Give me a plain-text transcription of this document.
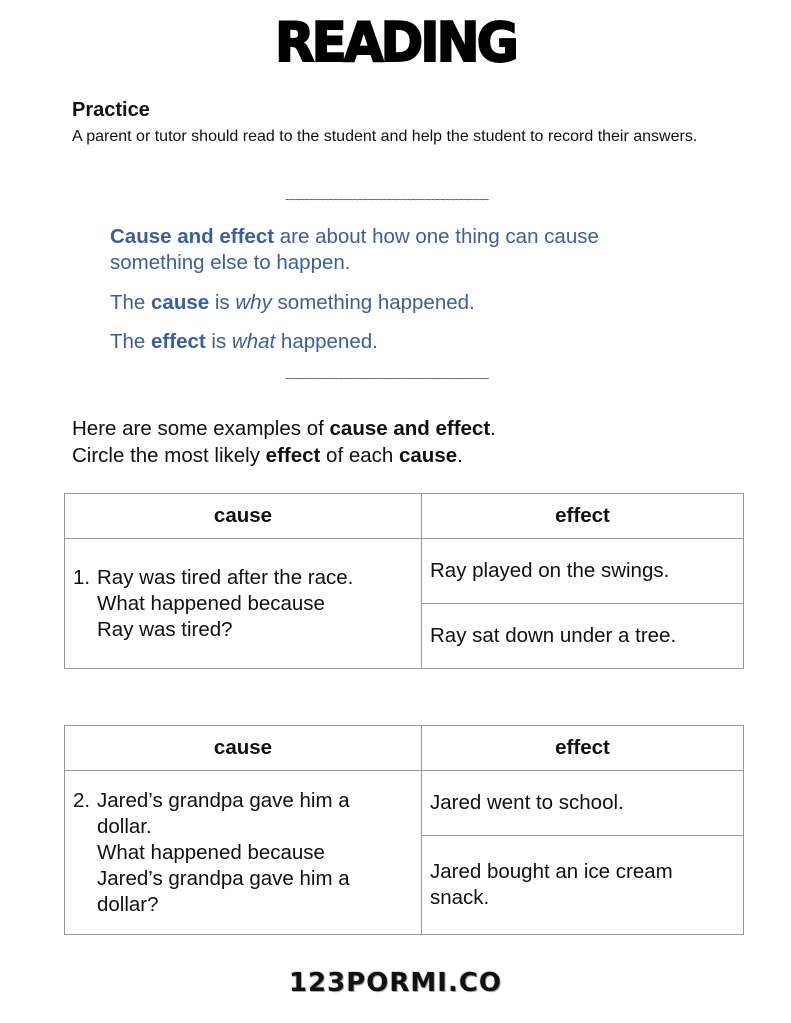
READING
Practice
A parent or tutor should read to the student and help the student to record their answers.
~~~~~~~~~~~~~~~~~~~~~~~~~~~~~~~~~~~~~~~~~~
Cause and effect are about how one thing can cause something else to happen.
The cause is why something happened.
The effect is what happened.
~~~~~~~~~~~~~~~~~~~~~~~~~~~~~~~~~~~~~~~~~~
Here are some examples of cause and effect.
Circle the most likely effect of each cause.
cause	effect

1. Ray was tired after the race.
What happened because
Ray was tired?	Ray played on the swings.
	Ray sat down under a tree.
cause	effect

2. Jared’s grandpa gave him a
dollar.
What happened because
Jared’s grandpa gave him a
dollar?
	Jared went to school.
	Jared bought an ice cream snack.
123PORMI.CO
